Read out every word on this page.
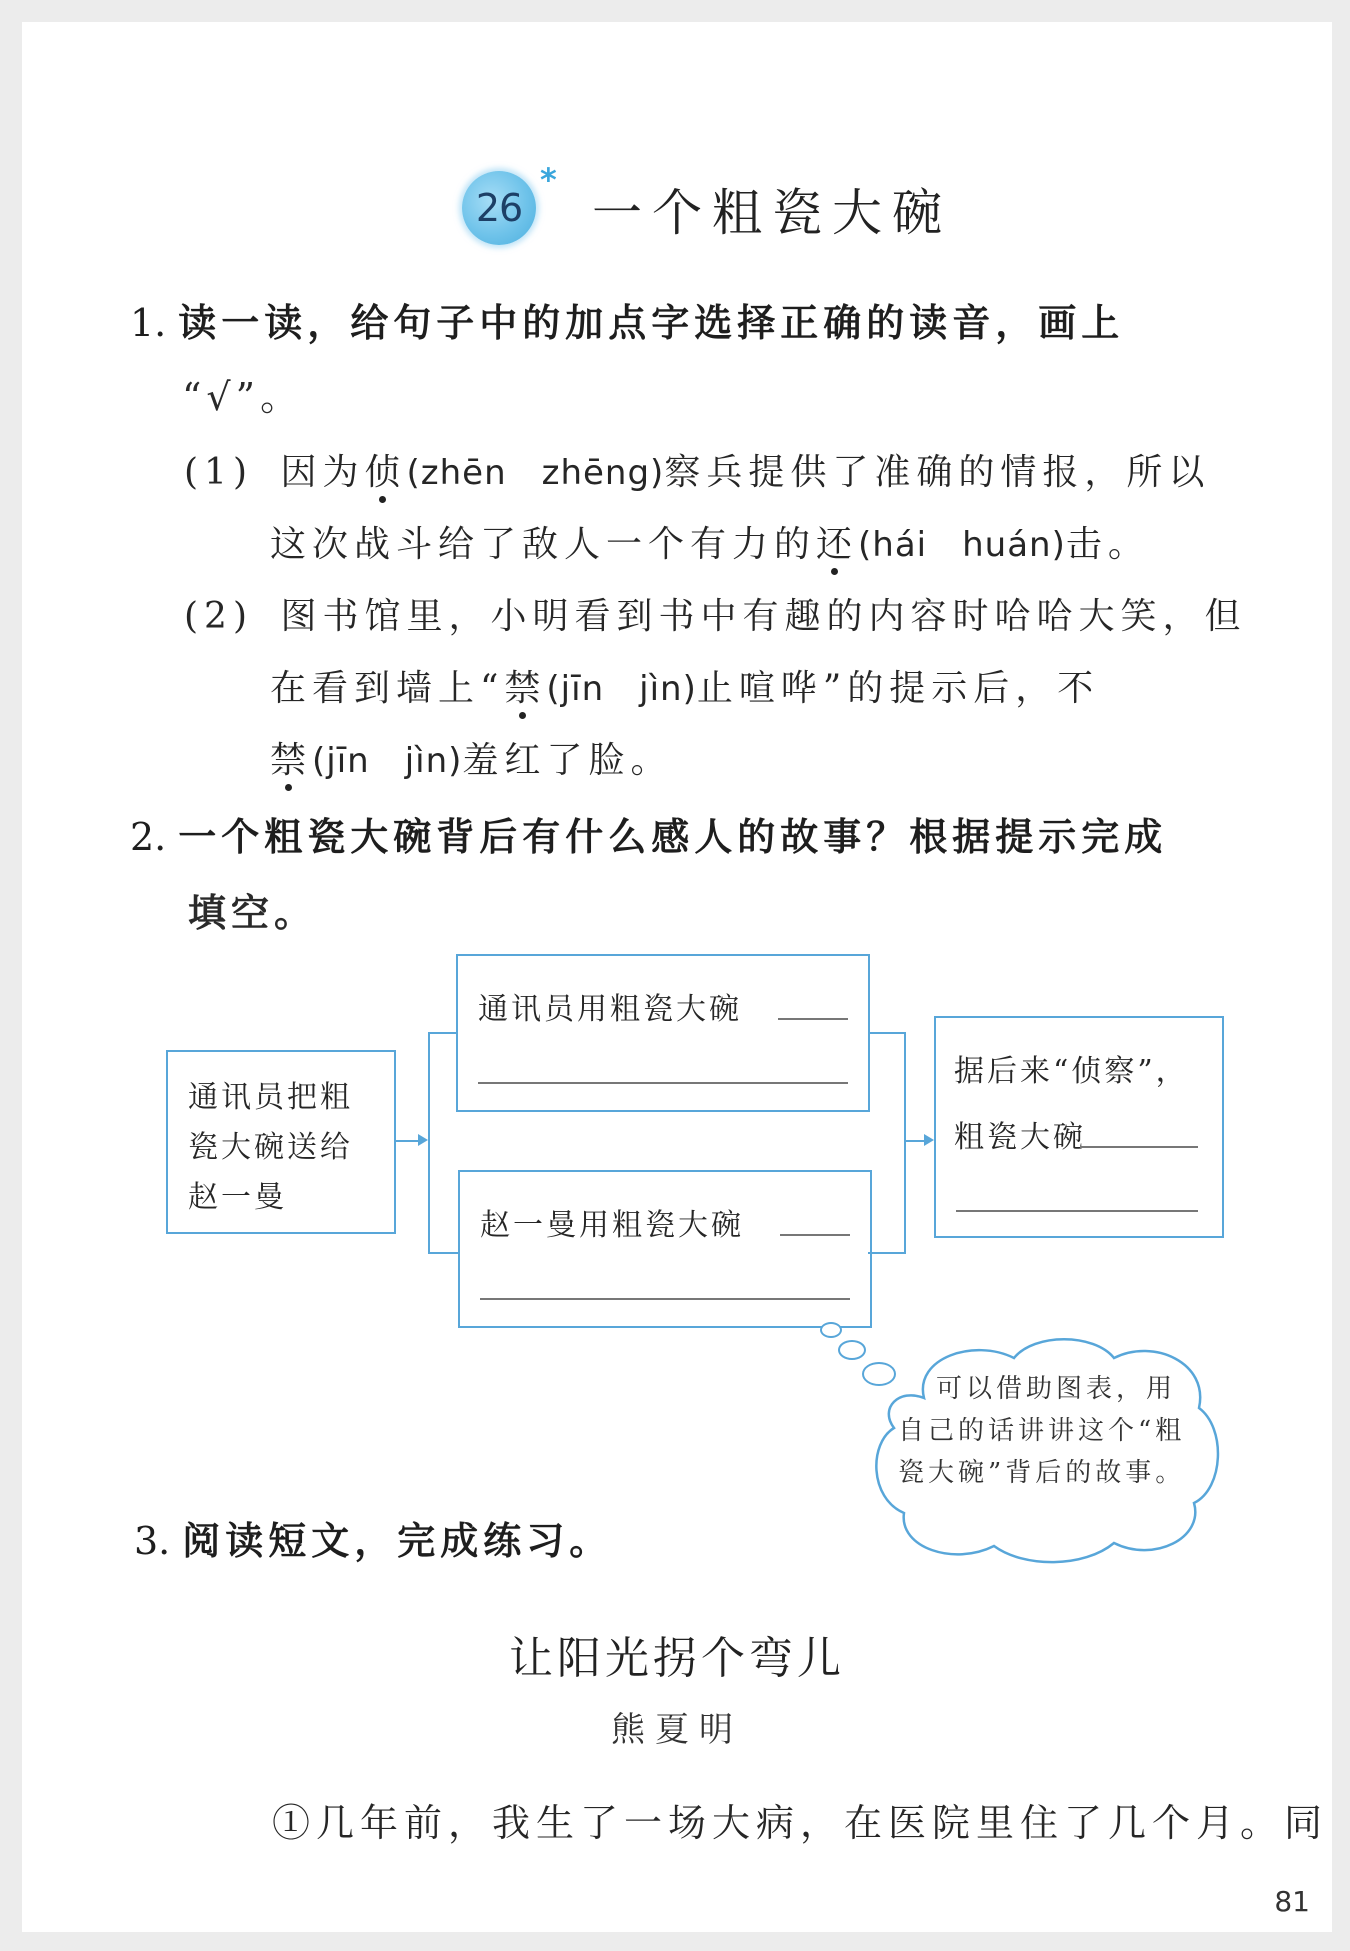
26
*
一个粗瓷大碗
1. 读一读，给句子中的加点字选择正确的读音，画上
“√”。
(1) 因为侦(zhēn　zhēng)察兵提供了准确的情报，所以
这次战斗给了敌人一个有力的还(hái　huán)击。
(2) 图书馆里，小明看到书中有趣的内容时哈哈大笑，但
在看到墙上“禁(jīn　jìn)止喧哗”的提示后，不
禁(jīn　jìn)羞红了脸。
2. 一个粗瓷大碗背后有什么感人的故事？根据提示完成
填空。
通讯员把粗
瓷大碗送给
赵一曼
通讯员用粗瓷大碗
赵一曼用粗瓷大碗
据后来“侦察”，
粗瓷大碗
可以借助图表，用
自己的话讲讲这个“粗
瓷大碗”背后的故事。
3. 阅读短文，完成练习。
让阳光拐个弯儿
熊夏明
①几年前，我生了一场大病，在医院里住了几个月。同
81
